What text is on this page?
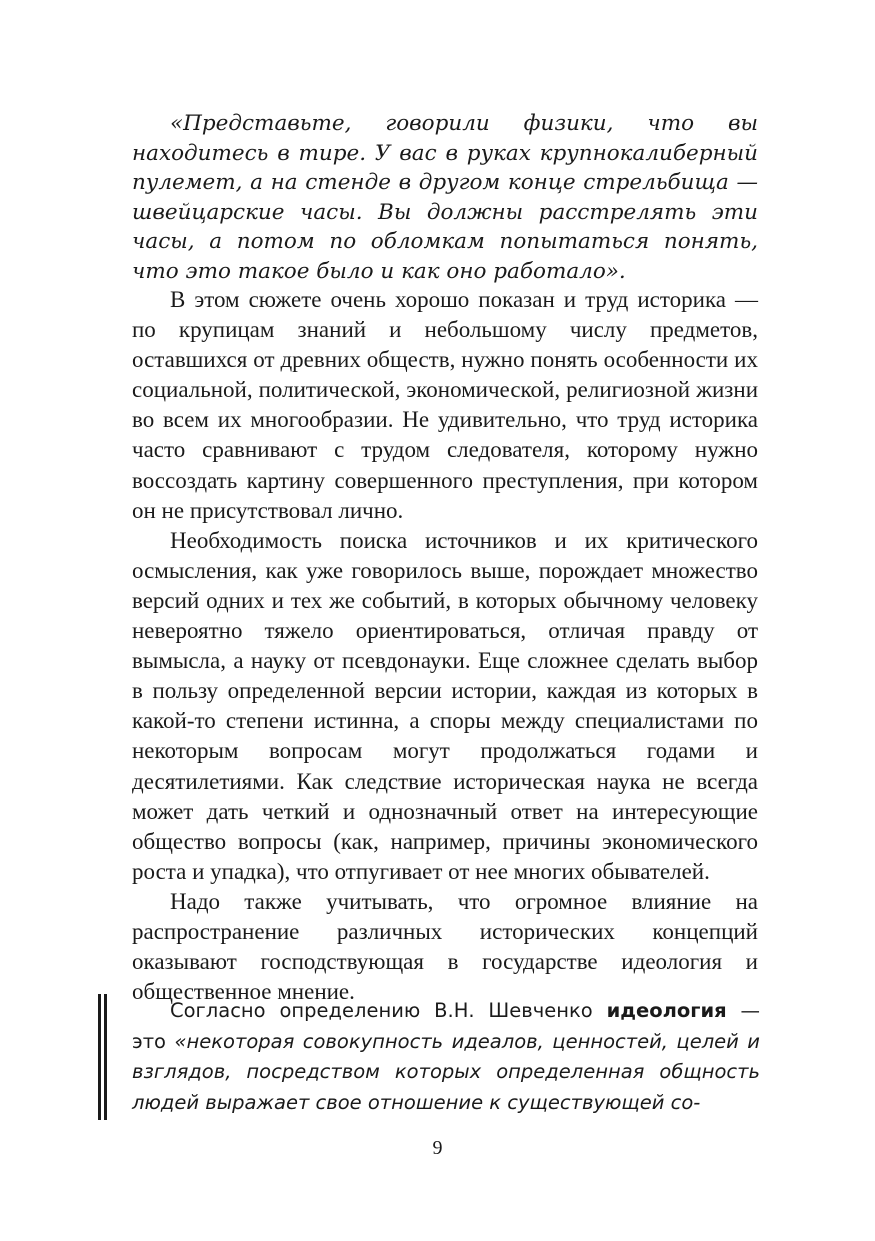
«Представьте, говорили физики, что вы находитесь в тире. У вас в руках крупнокалиберный пулемет, а на стенде в другом конце стрельбища — швейцарские часы. Вы должны расстрелять эти часы, а потом по обломкам попытаться понять, что это такое было и как оно работало».

В этом сюжете очень хорошо показан и труд историка — по крупицам знаний и небольшому числу предметов, оставшихся от древних обществ, нужно понять особенности их социальной, политической, экономической, религиозной жизни во всем их многообразии. Не удивительно, что труд историка часто сравнивают с трудом следователя, которому нужно воссоздать картину совершенного преступления, при котором он не присутствовал лично.

Необходимость поиска источников и их критического осмысления, как уже говорилось выше, порождает множество версий одних и тех же событий, в которых обычному человеку невероятно тяжело ориентироваться, отличая правду от вымысла, а науку от псевдонауки. Еще сложнее сделать выбор в пользу определенной версии истории, каждая из которых в какой-то степени истинна, а споры между специалистами по некоторым вопросам могут продолжаться годами и десятилетиями. Как следствие историческая наука не всегда может дать четкий и однозначный ответ на интересующие общество вопросы (как, например, причины экономического роста и упадка), что отпугивает от нее многих обывателей.

Надо также учитывать, что огромное влияние на распространение различных исторических концепций оказывают господствующая в государстве идеология и общественное мнение.

Согласно определению В.Н. Шевченко идеология — это «некоторая совокупность идеалов, ценностей, целей и взглядов, посредством которых определенная общность людей выражает свое отношение к существующей со-

9
